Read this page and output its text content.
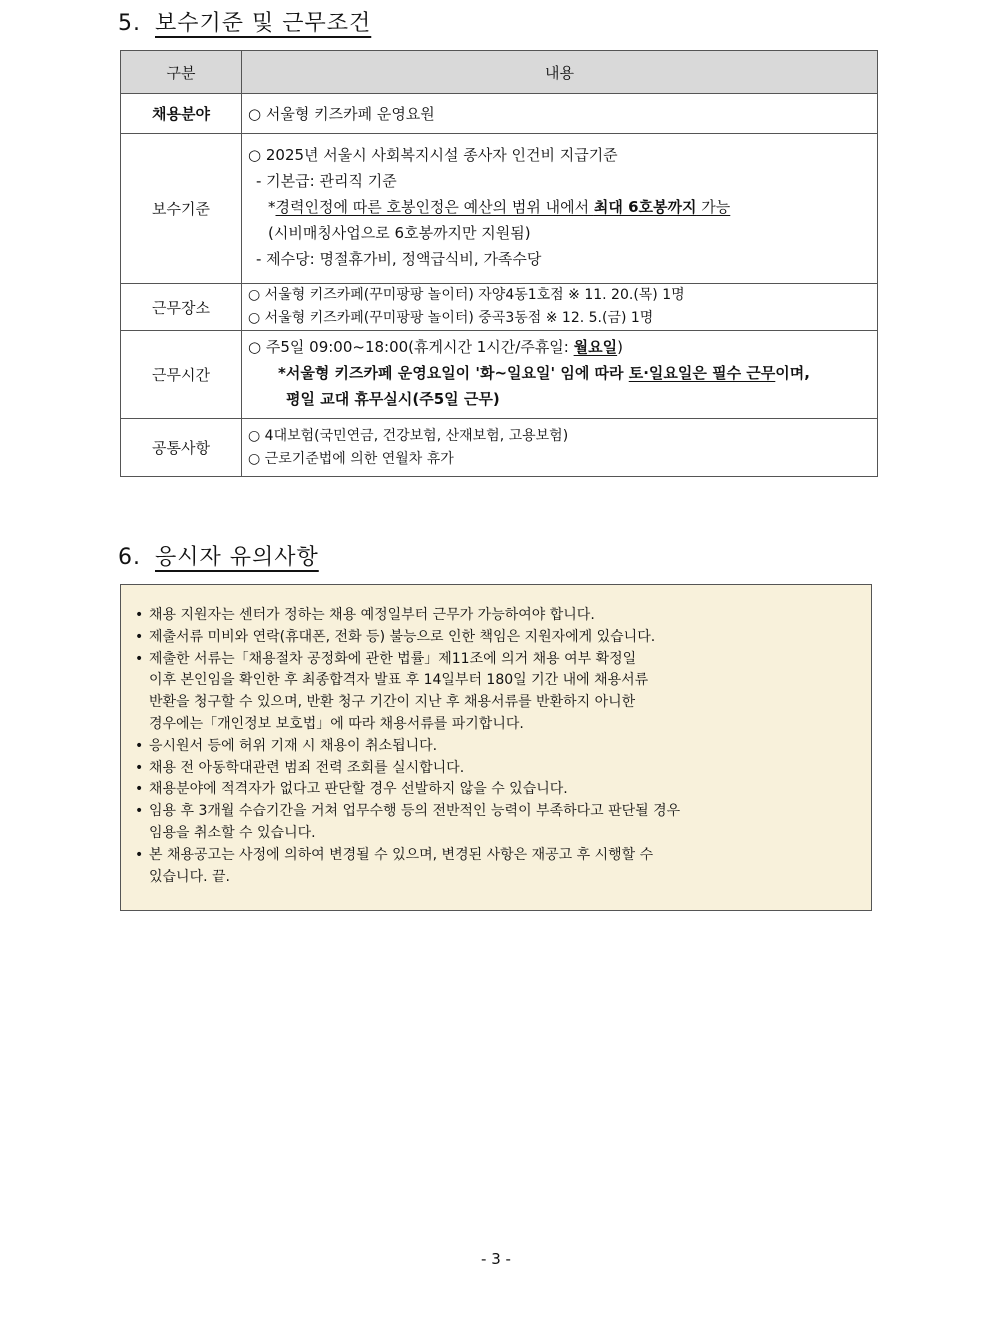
5. 보수기준 및 근무조건
구분	내용
채용분야	○ 서울형 키즈카페 운영요원

보수기준	○ 2025년 서울시 사회복지시설 종사자 인건비 지급기준
- 기본급: 관리직 기준
*경력인정에 따른 호봉인정은 예산의 범위 내에서 최대 6호봉까지 가능
(시비매칭사업으로 6호봉까지만 지원됨)
- 제수당: 명절휴가비, 정액급식비, 가족수당

근무장소	○ 서울형 키즈카페(꾸미팡팡 놀이터) 자양4동1호점 ※ 11. 20.(목) 1명
○ 서울형 키즈카페(꾸미팡팡 놀이터) 중곡3동점 ※ 12. 5.(금) 1명

근무시간	○ 주5일 09:00~18:00(휴게시간 1시간/주휴일: 월요일)
*서울형 키즈카페 운영요일이 '화~일요일' 임에 따라 토·일요일은 필수 근무이며,
평일 교대 휴무실시(주5일 근무)

공통사항	○ 4대보험(국민연금, 건강보험, 산재보험, 고용보험)
○ 근로기준법에 의한 연월차 휴가
6. 응시자 유의사항
• 채용 지원자는 센터가 정하는 채용 예정일부터 근무가 가능하여야 합니다.
• 제출서류 미비와 연락(휴대폰, 전화 등) 불능으로 인한 책임은 지원자에게 있습니다.
• 제출한 서류는「채용절차 공정화에 관한 법률」제11조에 의거 채용 여부 확정일
이후 본인임을 확인한 후 최종합격자 발표 후 14일부터 180일 기간 내에 채용서류
반환을 청구할 수 있으며, 반환 청구 기간이 지난 후 채용서류를 반환하지 아니한
경우에는「개인정보 보호법」에 따라 채용서류를 파기합니다.
• 응시원서 등에 허위 기재 시 채용이 취소됩니다.
• 채용 전 아동학대관련 범죄 전력 조회를 실시합니다.
• 채용분야에 적격자가 없다고 판단할 경우 선발하지 않을 수 있습니다.
• 임용 후 3개월 수습기간을 거쳐 업무수행 등의 전반적인 능력이 부족하다고 판단될 경우
임용을 취소할 수 있습니다.
• 본 채용공고는 사정에 의하여 변경될 수 있으며, 변경된 사항은 재공고 후 시행할 수
있습니다. 끝.
- 3 -
